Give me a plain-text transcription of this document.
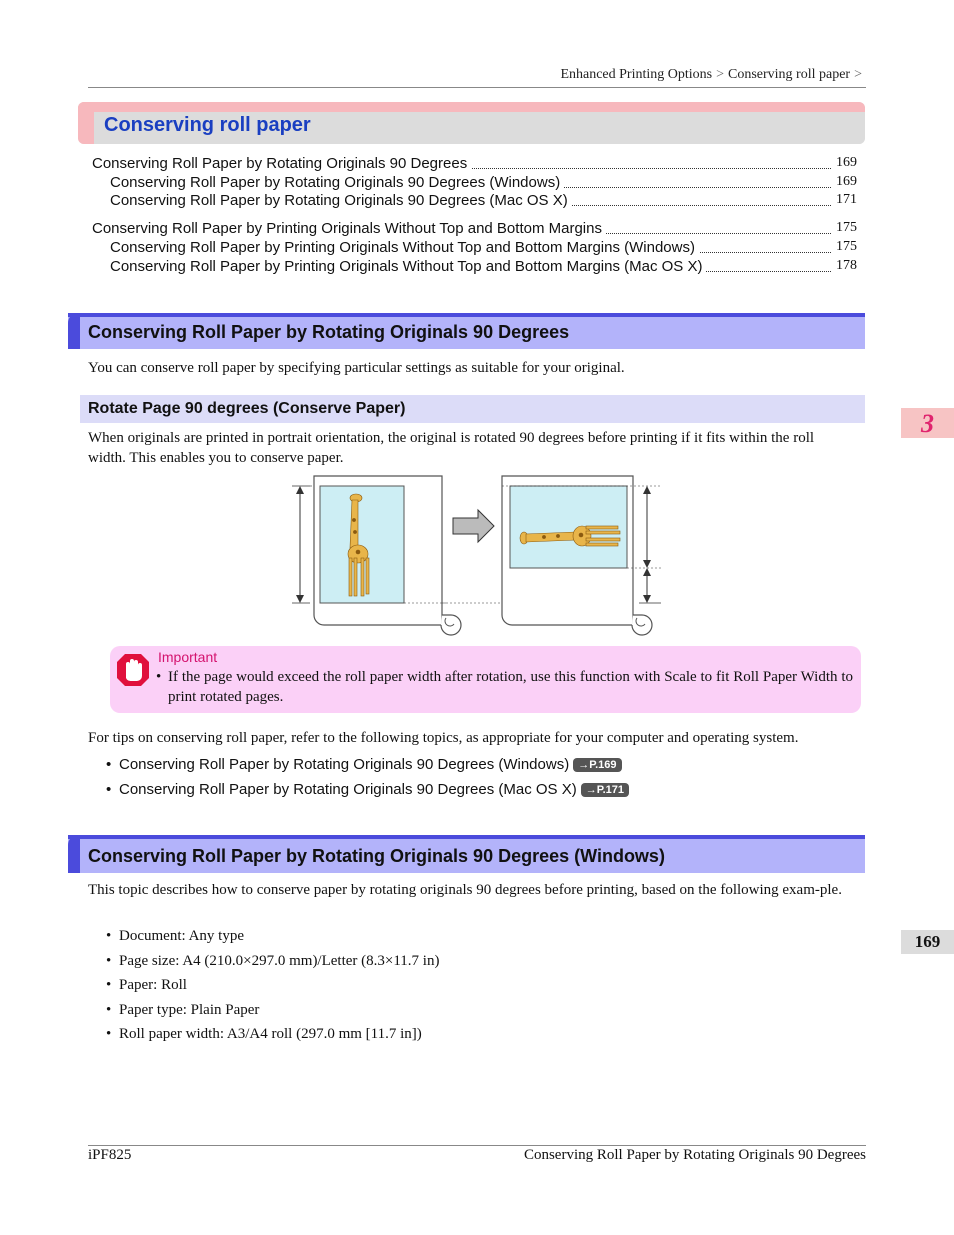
Enhanced Printing Options > Conserving roll paper >
Conserving roll paper
Conserving Roll Paper by Rotating Originals 90 Degrees	169
Conserving Roll Paper by Rotating Originals 90 Degrees (Windows)	169
Conserving Roll Paper by Rotating Originals 90 Degrees (Mac OS X)	171
Conserving Roll Paper by Printing Originals Without Top and Bottom Margins	175
Conserving Roll Paper by Printing Originals Without Top and Bottom Margins (Windows)	175
Conserving Roll Paper by Printing Originals Without Top and Bottom Margins (Mac OS X)	178
Conserving Roll Paper by Rotating Originals 90 Degrees
You can conserve roll paper by specifying particular settings as suitable for your original.
Rotate Page 90 degrees (Conserve Paper)
When originals are printed in portrait orientation, the original is rotated 90 degrees before printing if it fits within the roll width. This enables you to conserve paper.
Important
• If the page would exceed the roll paper width after rotation, use this function with Scale to fit Roll Paper Width to print rotated pages.
For tips on conserving roll paper, refer to the following topics, as appropriate for your computer and operating system.
• Conserving Roll Paper by Rotating Originals 90 Degrees (Windows) →P.169
• Conserving Roll Paper by Rotating Originals 90 Degrees (Mac OS X) →P.171
Conserving Roll Paper by Rotating Originals 90 Degrees (Windows)
This topic describes how to conserve paper by rotating originals 90 degrees before printing, based on the following exam-ple.
• Document: Any type
• Page size: A4 (210.0×297.0 mm)/Letter (8.3×11.7 in)
• Paper: Roll
• Paper type: Plain Paper
• Roll paper width: A3/A4 roll (297.0 mm [11.7 in])
3
169
iPF825	Conserving Roll Paper by Rotating Originals 90 Degrees
